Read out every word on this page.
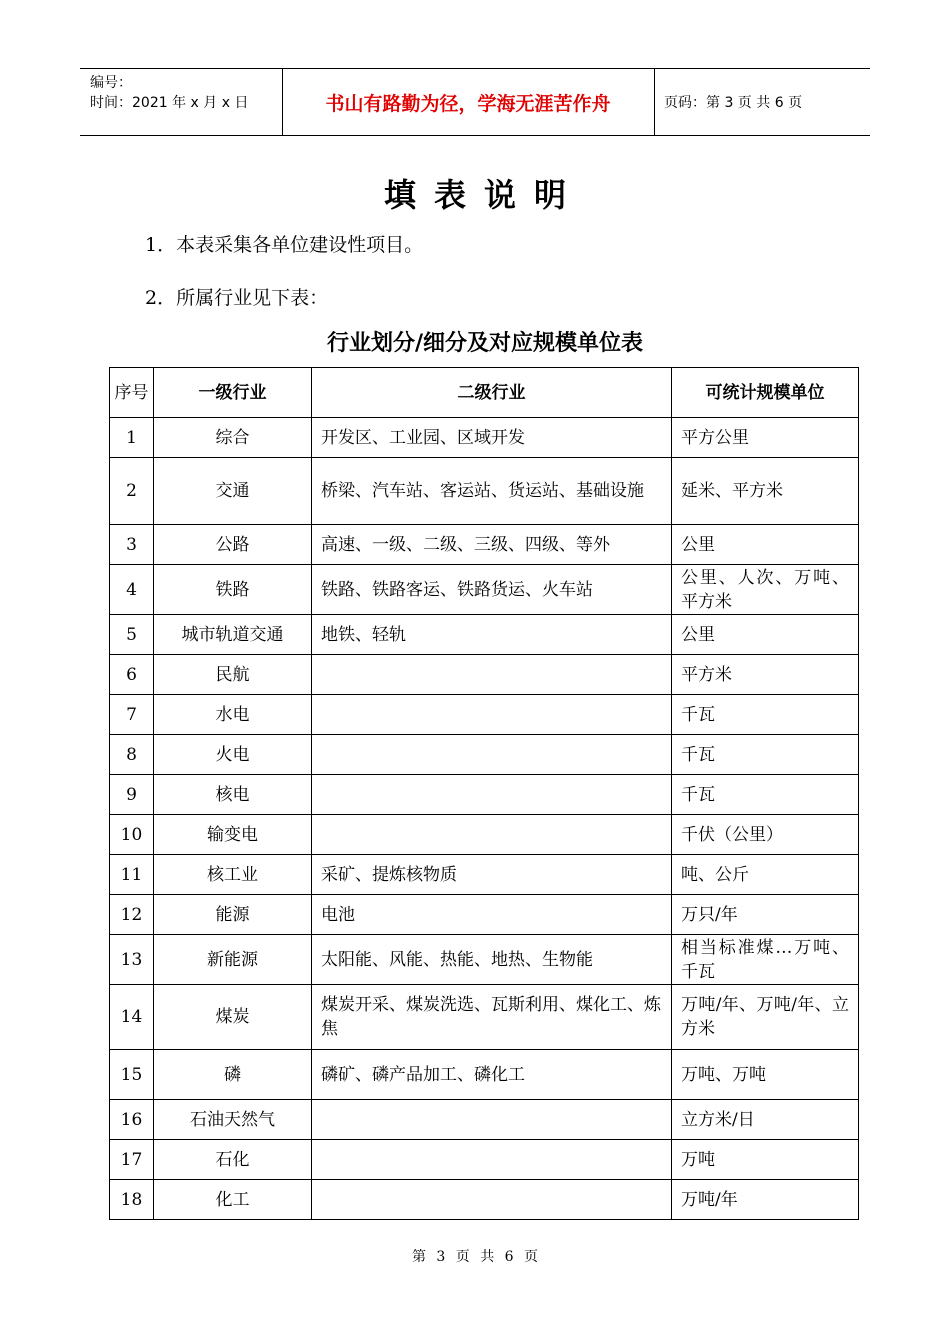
编号：
时间：2021 年 x 月 x 日	书山有路勤为径，学海无涯苦作舟	页码：第 3 页 共 6 页
填表说明
1．本表采集各单位建设性项目。
2．所属行业见下表：
行业划分/细分及对应规模单位表
序号	一级行业	二级行业	可统计规模单位
1	综合	开发区、工业园、区域开发	平方公里
2	交通	桥梁、汽车站、客运站、货运站、基础设施	延米、平方米
3	公路	高速、一级、二级、三级、四级、等外	公里
4	铁路	铁路、铁路客运、铁路货运、火车站	公里、人次、万吨、平方米
5	城市轨道交通	地铁、轻轨	公里
6	民航		平方米
7	水电		千瓦
8	火电		千瓦
9	核电		千瓦
10	输变电		千伏（公里）
11	核工业	采矿、提炼核物质	吨、公斤
12	能源	电池	万只/年
13	新能源	太阳能、风能、热能、地热、生物能	相当标准煤…万吨、千瓦
14	煤炭	煤炭开采、煤炭洗选、瓦斯利用、煤化工、炼焦	万吨/年、万吨/年、立方米
15	磷	磷矿、磷产品加工、磷化工	万吨、万吨
16	石油天然气		立方米/日
17	石化		万吨
18	化工		万吨/年
第 3 页 共 6 页
